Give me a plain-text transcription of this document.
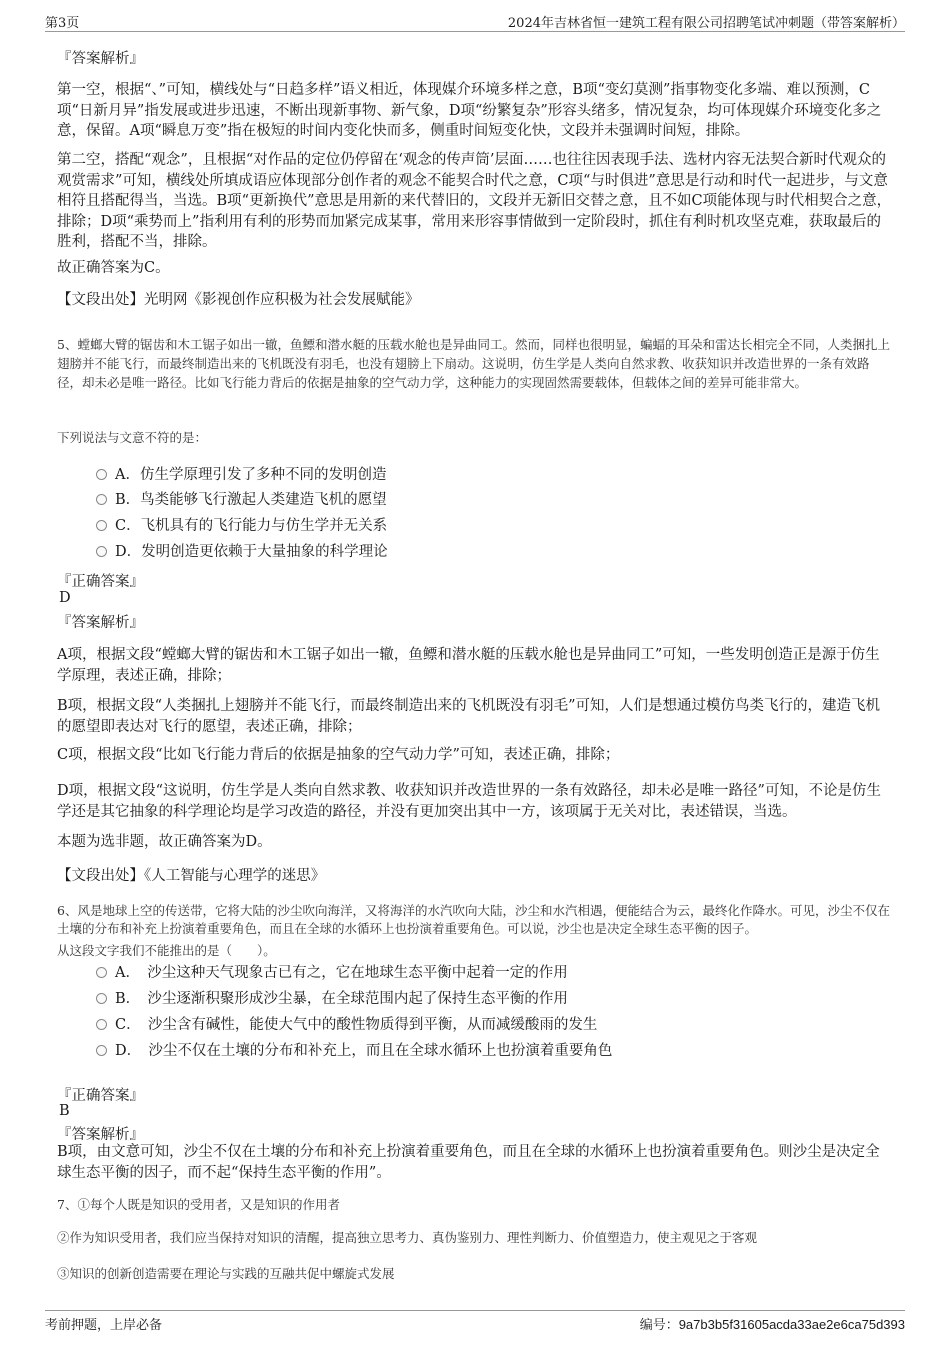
第3页	2024年吉林省恒一建筑工程有限公司招聘笔试冲刺题（带答案解析）
『答案解析』

第一空，根据“、”可知，横线处与“日趋多样”语义相近，体现媒介环境多样之意，B项“变幻莫测”指事物变化多端、难以预测，C项“日新月异”指发展或进步迅速，不断出现新事物、新气象，D项“纷繁复杂”形容头绪多，情况复杂，均可体现媒介环境变化多之意，保留。A项“瞬息万变”指在极短的时间内变化快而多，侧重时间短变化快，文段并未强调时间短，排除。

第二空，搭配“观念”，且根据“对作品的定位仍停留在‘观念的传声筒’层面……也往往因表现手法、选材内容无法契合新时代观众的观赏需求”可知，横线处所填成语应体现部分创作者的观念不能契合时代之意，C项“与时俱进”意思是行动和时代一起进步，与文意相符且搭配得当，当选。B项“更新换代”意思是用新的来代替旧的，文段并无新旧交替之意，且不如C项能体现与时代相契合之意，排除；D项“乘势而上”指利用有利的形势而加紧完成某事，常用来形容事情做到一定阶段时，抓住有利时机攻坚克难，获取最后的胜利，搭配不当，排除。

故正确答案为C。

【文段出处】光明网《影视创作应积极为社会发展赋能》

5、螳螂大臂的锯齿和木工锯子如出一辙，鱼鳔和潜水艇的压载水舱也是异曲同工。然而，同样也很明显，蝙蝠的耳朵和雷达长相完全不同，人类捆扎上翅膀并不能飞行，而最终制造出来的飞机既没有羽毛，也没有翅膀上下扇动。这说明，仿生学是人类向自然求教、收获知识并改造世界的一条有效路径，却未必是唯一路径。比如飞行能力背后的依据是抽象的空气动力学，这种能力的实现固然需要载体，但载体之间的差异可能非常大。

下列说法与文意不符的是：

A．仿生学原理引发了多种不同的发明创造
B．鸟类能够飞行激起人类建造飞机的愿望
C．飞机具有的飞行能力与仿生学并无关系
D．发明创造更依赖于大量抽象的科学理论
『正确答案』
D
『答案解析』

A项，根据文段“螳螂大臂的锯齿和木工锯子如出一辙，鱼鳔和潜水艇的压载水舱也是异曲同工”可知，一些发明创造正是源于仿生学原理，表述正确，排除；

B项，根据文段“人类捆扎上翅膀并不能飞行，而最终制造出来的飞机既没有羽毛”可知，人们是想通过模仿鸟类飞行的，建造飞机的愿望即表达对飞行的愿望，表述正确，排除；

C项，根据文段“比如飞行能力背后的依据是抽象的空气动力学”可知，表述正确，排除；

D项，根据文段“这说明，仿生学是人类向自然求教、收获知识并改造世界的一条有效路径，却未必是唯一路径”可知，不论是仿生学还是其它抽象的科学理论均是学习改造的路径，并没有更加突出其中一方，该项属于无关对比，表述错误，当选。

本题为选非题，故正确答案为D。

【文段出处】《人工智能与心理学的迷思》

6、风是地球上空的传送带，它将大陆的沙尘吹向海洋，又将海洋的水汽吹向大陆，沙尘和水汽相遇，便能结合为云，最终化作降水。可见，沙尘不仅在土壤的分布和补充上扮演着重要角色，而且在全球的水循环上也扮演着重要角色。可以说，沙尘也是决定全球生态平衡的因子。

从这段文字我们不能推出的是（　　）。

A．　沙尘这种天气现象古已有之，它在地球生态平衡中起着一定的作用
B．　沙尘逐渐积聚形成沙尘暴，在全球范围内起了保持生态平衡的作用
C．　沙尘含有碱性，能使大气中的酸性物质得到平衡，从而减缓酸雨的发生
D．　沙尘不仅在土壤的分布和补充上，而且在全球水循环上也扮演着重要角色
『正确答案』
B
『答案解析』

B项，由文意可知，沙尘不仅在土壤的分布和补充上扮演着重要角色，而且在全球的水循环上也扮演着重要角色。则沙尘是决定全球生态平衡的因子，而不起“保持生态平衡的作用”。

7、①每个人既是知识的受用者，又是知识的作用者

②作为知识受用者，我们应当保持对知识的清醒，提高独立思考力、真伪鉴别力、理性判断力、价值塑造力，使主观见之于客观

③知识的创新创造需要在理论与实践的互融共促中螺旋式发展

考前押题，上岸必备	编号：9a7b3b5f31605acda33ae2e6ca75d393
